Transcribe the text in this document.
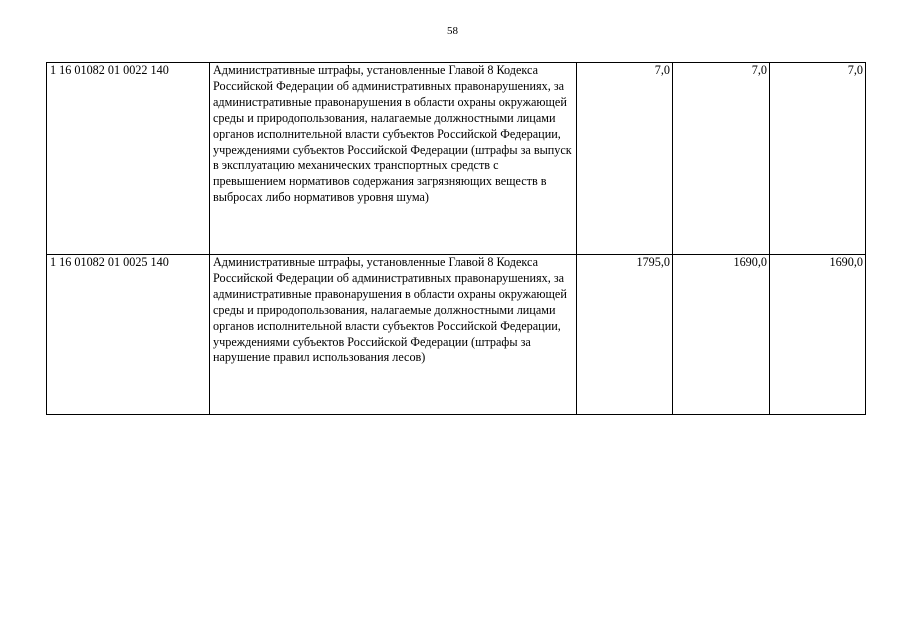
58
1 16 01082 01 0022 140	Административные штрафы, установленные Главой 8 Кодекса Российской Федерации об административных правонарушениях, за административные правонарушения в области охраны окружающей среды и природопользования, налагаемые должностными лицами органов исполнительной власти субъектов Российской Федерации, учреждениями субъектов Российской Федерации (штрафы за выпуск в эксплуатацию механических транспортных средств с превышением нормативов содержания загрязняющих веществ в выбросах либо нормативов уровня шума)	7,0	7,0	7,0
1 16 01082 01 0025 140	Административные штрафы, установленные Главой 8 Кодекса Российской Федерации об административных правонарушениях, за административные правонарушения в области охраны окружающей среды и природопользования, налагаемые должностными лицами органов исполнительной власти субъектов Российской Федерации, учреждениями субъектов Российской Федерации (штрафы за нарушение правил использования лесов)	1795,0	1690,0	1690,0
